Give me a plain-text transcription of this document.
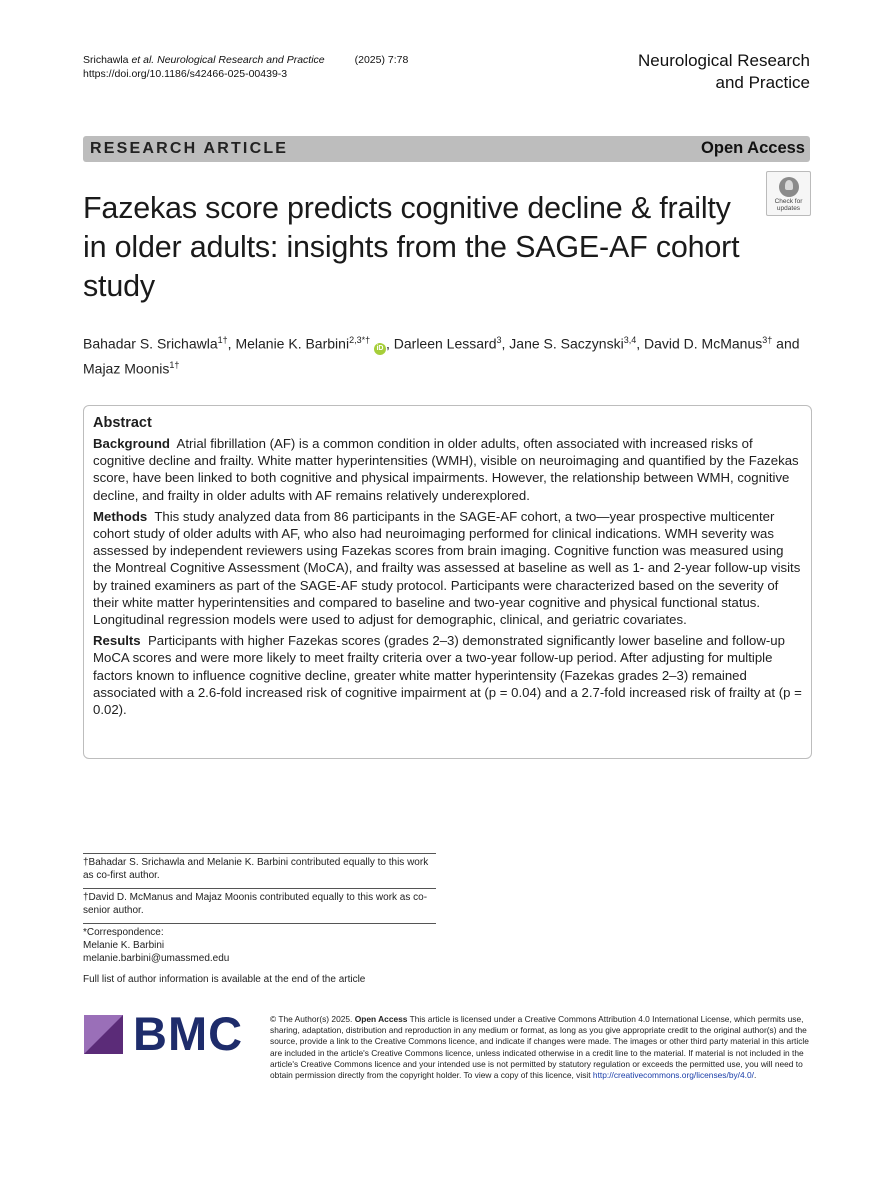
Srichawla et al. Neurological Research and Practice	(2025) 7:78
https://doi.org/10.1186/s42466-025-00439-3
Neurological Research
and Practice
RESEARCH ARTICLE	Open Access
Check for
updates
Fazekas score predicts cognitive decline & frailty in older adults: insights from the SAGE-AF cohort study
Bahadar S. Srichawla$^{1\dagger}$, Melanie K. Barbini$^{2,3*\dagger}$ iD , Darleen Lessard$^3$, Jane S. Saczynski$^{3,4}$, David D. McManus$^{3\dagger}$ and Majaz Moonis$^{1\dagger}$
Abstract

Background Atrial fibrillation (AF) is a common condition in older adults, often associated with increased risks of cognitive decline and frailty. White matter hyperintensities (WMH), visible on neuroimaging and quantified by the Fazekas score, have been linked to both cognitive and physical impairments. However, the relationship between WMH, cognitive decline, and frailty in older adults with AF remains relatively underexplored.

Methods This study analyzed data from 86 participants in the SAGE-AF cohort, a two—year prospective multicenter cohort study of older adults with AF, who also had neuroimaging performed for clinical indications. WMH severity was assessed by independent reviewers using Fazekas scores from brain imaging. Cognitive function was measured using the Montreal Cognitive Assessment (MoCA), and frailty was assessed at baseline as well as 1- and 2-year follow-up visits by trained examiners as part of the SAGE-AF study protocol. Participants were characterized based on the severity of their white matter hyperintensities and compared to baseline and two-year cognitive and physical functional status. Longitudinal regression models were used to adjust for demographic, clinical, and geriatric covariates.

Results Participants with higher Fazekas scores (grades 2–3) demonstrated significantly lower baseline and follow-up MoCA scores and were more likely to meet frailty criteria over a two-year follow-up period. After adjusting for multiple factors known to influence cognitive decline, greater white matter hyperintensity (Fazekas grades 2–3) remained associated with a 2.6-fold increased risk of cognitive impairment at (p = 0.04) and a 2.7-fold increased risk of frailty at (p = 0.02).

†Bahadar S. Srichawla and Melanie K. Barbini contributed equally to this work as co-first author.
†David D. McManus and Majaz Moonis contributed equally to this work as co-senior author.
*Correspondence:
Melanie K. Barbini
melanie.barbini@umassmed.edu
Full list of author information is available at the end of the article
BMC	© The Author(s) 2025. Open Access This article is licensed under a Creative Commons Attribution 4.0 International License, which permits use, sharing, adaptation, distribution and reproduction in any medium or format, as long as you give appropriate credit to the original author(s) and the source, provide a link to the Creative Commons licence, and indicate if changes were made. The images or other third party material in this article are included in the article's Creative Commons licence, unless indicated otherwise in a credit line to the material. If material is not included in the article's Creative Commons licence and your intended use is not permitted by statutory regulation or exceeds the permitted use, you will need to obtain permission directly from the copyright holder. To view a copy of this licence, visit http://creativecommons.org/licenses/by/4.0/.
